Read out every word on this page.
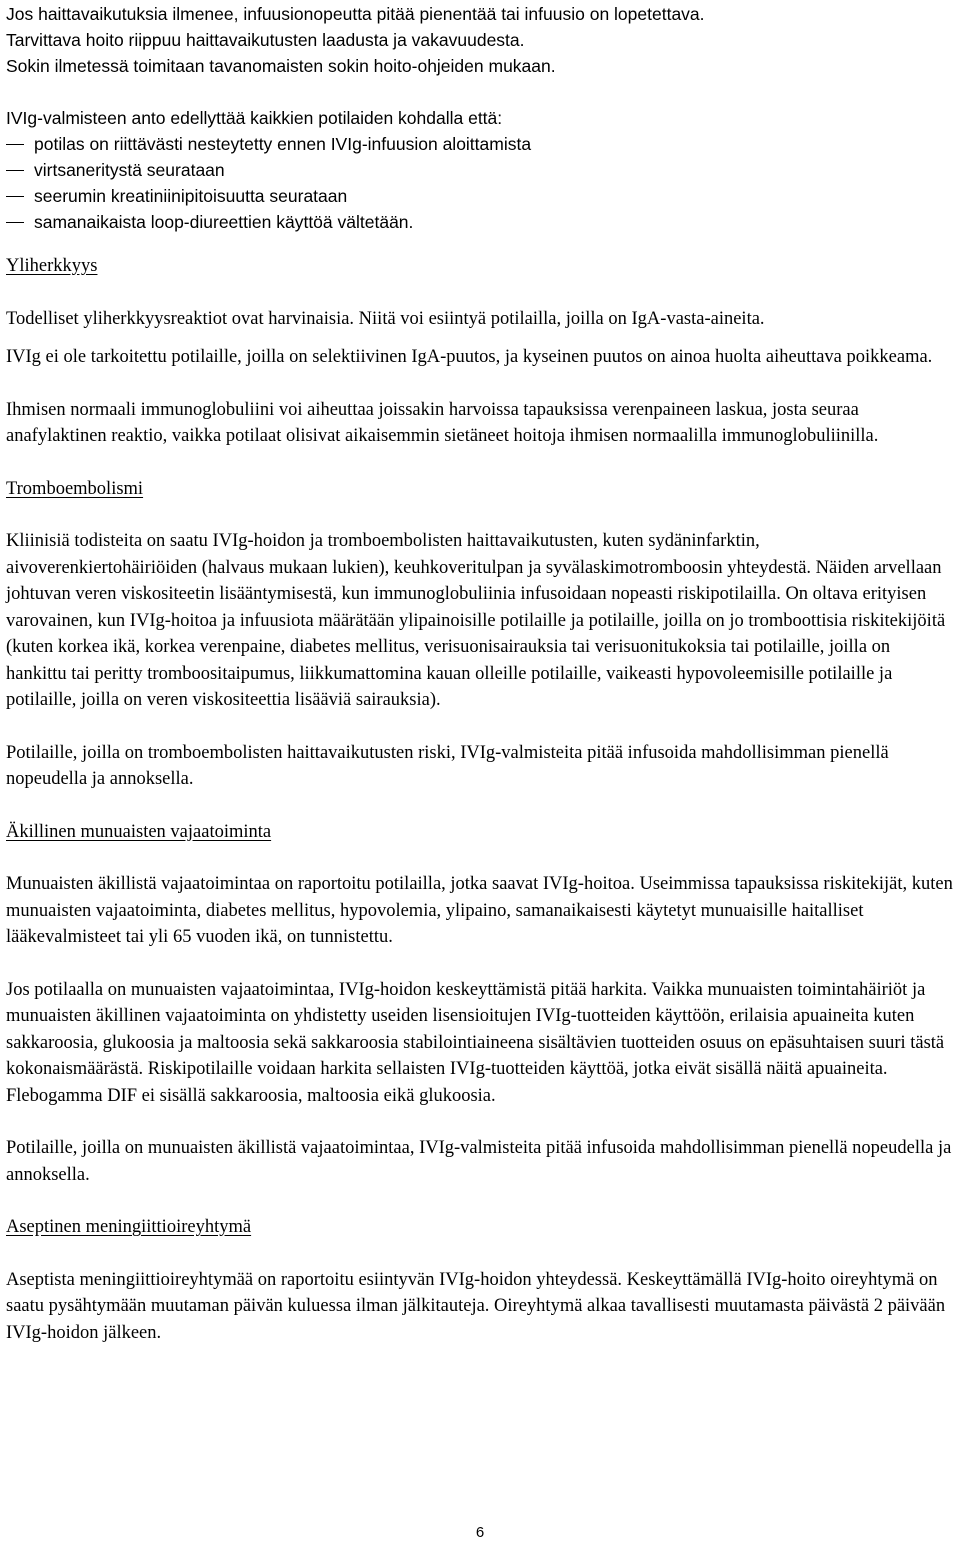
Jos haittavaikutuksia ilmenee, infuusionopeutta pitää pienentää tai infuusio on lopetettava.

Tarvittava hoito riippuu haittavaikutusten laadusta ja vakavuudesta.

Sokin ilmetessä toimitaan tavanomaisten sokin hoito-ohjeiden mukaan.

IVIg-valmisteen anto edellyttää kaikkien potilaiden kohdalla että:

potilas on riittävästi nesteytetty ennen IVIg-infuusion aloittamista
virtsaneritystä seurataan
seerumin kreatiniinipitoisuutta seurataan
samanaikaista loop-diureettien käyttöä vältetään.

Yliherkkyys

Todelliset yliherkkyysreaktiot ovat harvinaisia. Niitä voi esiintyä potilailla, joilla on IgA-vasta-aineita.

IVIg ei ole tarkoitettu potilaille, joilla on selektiivinen IgA-puutos, ja kyseinen puutos on ainoa huolta aiheuttava poikkeama.

Ihmisen normaali immunoglobuliini voi aiheuttaa joissakin harvoissa tapauksissa verenpaineen laskua, josta seuraa anafylaktinen reaktio, vaikka potilaat olisivat aikaisemmin sietäneet hoitoja ihmisen normaalilla immunoglobuliinilla.

Tromboembolismi

Kliinisiä todisteita on saatu IVIg-hoidon ja tromboembolisten haittavaikutusten, kuten sydäninfarktin, aivoverenkiertohäiriöiden (halvaus mukaan lukien), keuhkoveritulpan ja syvälaskimotromboosin yhteydestä. Näiden arvellaan johtuvan veren viskositeetin lisääntymisestä, kun immunoglobuliinia infusoidaan nopeasti riskipotilailla. On oltava erityisen varovainen, kun IVIg-hoitoa ja infuusiota määrätään ylipainoisille potilaille ja potilaille, joilla on jo tromboottisia riskitekijöitä (kuten korkea ikä, korkea verenpaine, diabetes mellitus, verisuonisairauksia tai verisuonitukoksia tai potilaille, joilla on hankittu tai peritty tromboositaipumus, liikkumattomina kauan olleille potilaille, vaikeasti hypovoleemisille potilaille ja potilaille, joilla on veren viskositeettia lisääviä sairauksia).

Potilaille, joilla on tromboembolisten haittavaikutusten riski, IVIg-valmisteita pitää infusoida mahdollisimman pienellä nopeudella ja annoksella.

Äkillinen munuaisten vajaatoiminta

Munuaisten äkillistä vajaatoimintaa on raportoitu potilailla, jotka saavat IVIg-hoitoa. Useimmissa tapauksissa riskitekijät, kuten munuaisten vajaatoiminta, diabetes mellitus, hypovolemia, ylipaino, samanaikaisesti käytetyt munuaisille haitalliset lääkevalmisteet tai yli 65 vuoden ikä, on tunnistettu.

Jos potilaalla on munuaisten vajaatoimintaa, IVIg-hoidon keskeyttämistä pitää harkita. Vaikka munuaisten toimintahäiriöt ja munuaisten äkillinen vajaatoiminta on yhdistetty useiden lisensioitujen IVIg-tuotteiden käyttöön, erilaisia apuaineita kuten sakkaroosia, glukoosia ja maltoosia sekä sakkaroosia stabilointiaineena sisältävien tuotteiden osuus on epäsuhtaisen suuri tästä kokonaismäärästä. Riskipotilaille voidaan harkita sellaisten IVIg-tuotteiden käyttöä, jotka eivät sisällä näitä apuaineita. Flebogamma DIF ei sisällä sakkaroosia, maltoosia eikä glukoosia.

Potilaille, joilla on munuaisten äkillistä vajaatoimintaa, IVIg-valmisteita pitää infusoida mahdollisimman pienellä nopeudella ja annoksella.

Aseptinen meningiittioireyhtymä

Aseptista meningiittioireyhtymää on raportoitu esiintyvän IVIg-hoidon yhteydessä. Keskeyttämällä IVIg-hoito oireyhtymä on saatu pysähtymään muutaman päivän kuluessa ilman jälkitauteja. Oireyhtymä alkaa tavallisesti muutamasta päivästä 2 päivään IVIg-hoidon jälkeen.

6
